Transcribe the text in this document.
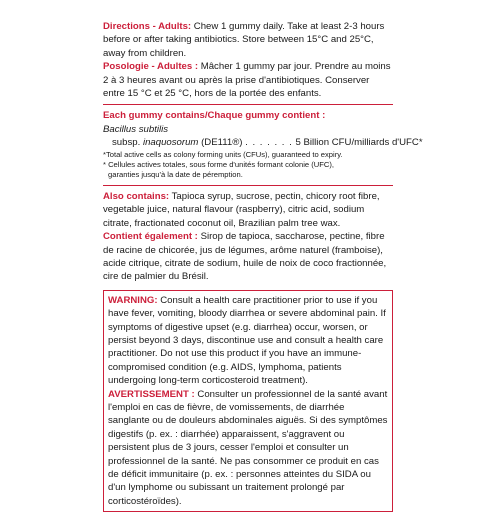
Directions - Adults: Chew 1 gummy daily. Take at least 2-3 hours before or after taking antibiotics. Store between 15°C and 25°C, away from children.

Posologie - Adultes : Mâcher 1 gummy par jour. Prendre au moins 2 à 3 heures avant ou après la prise d'antibiotiques. Conserver entre 15 °C et 25 °C, hors de la portée des enfants.

Each gummy contains/Chaque gummy contient :

Bacillus subtilis

subsp. inaquosorum (DE111®) . . . . . . . 5 Billion CFU/milliards d'UFC*

*Total active cells as colony forming units (CFUs), guaranteed to expiry.

* Cellules actives totales, sous forme d'unités formant colonie (UFC),

garanties jusqu'à la date de péremption.

Also contains: Tapioca syrup, sucrose, pectin, chicory root fibre, vegetable juice, natural flavour (raspberry), citric acid, sodium citrate, fractionated coconut oil, Brazilian palm tree wax.

Contient également : Sirop de tapioca, saccharose, pectine, fibre de racine de chicorée, jus de légumes, arôme naturel (framboise), acide citrique, citrate de sodium, huile de noix de coco fractionnée, cire de palmier du Brésil.

WARNING: Consult a health care practitioner prior to use if you have fever, vomiting, bloody diarrhea or severe abdominal pain. If symptoms of digestive upset (e.g. diarrhea) occur, worsen, or persist beyond 3 days, discontinue use and consult a health care practitioner. Do not use this product if you have an immune-compromised condition (e.g. AIDS, lymphoma, patients undergoing long-term corticosteroid treatment).

AVERTISSEMENT : Consulter un professionnel de la santé avant l'emploi en cas de fièvre, de vomissements, de diarrhée sanglante ou de douleurs abdominales aiguës. Si des symptômes digestifs (p. ex. : diarrhée) apparaissent, s'aggravent ou persistent plus de 3 jours, cesser l'emploi et consulter un professionnel de la santé. Ne pas consommer ce produit en cas de déficit immunitaire (p. ex. : personnes atteintes du SIDA ou d'un lymphome ou subissant un traitement prolongé par corticostéroïdes).
